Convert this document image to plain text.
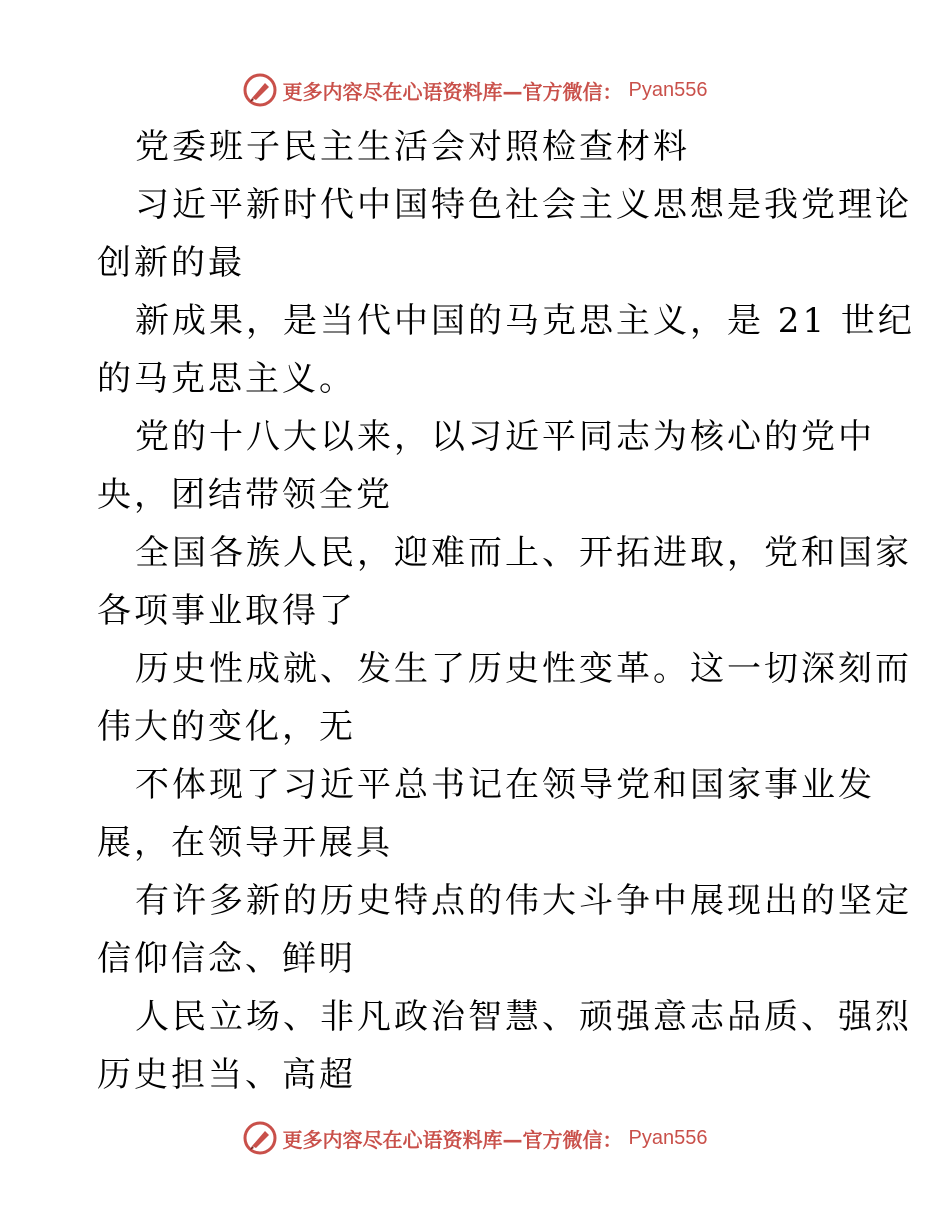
更多内容尽在心语资料库—官方微信： Pyan556
党委班子民主生活会对照检查材料
习近平新时代中国特色社会主义思想是我党理论
创新的最
新成果，是当代中国的马克思主义，是 21 世纪
的马克思主义。
党的十八大以来，以习近平同志为核心的党中
央，团结带领全党
全国各族人民，迎难而上、开拓进取，党和国家
各项事业取得了
历史性成就、发生了历史性变革。这一切深刻而
伟大的变化，无
不体现了习近平总书记在领导党和国家事业发
展，在领导开展具
有许多新的历史特点的伟大斗争中展现出的坚定
信仰信念、鲜明
人民立场、非凡政治智慧、顽强意志品质、强烈
历史担当、高超
更多内容尽在心语资料库—官方微信： Pyan556
